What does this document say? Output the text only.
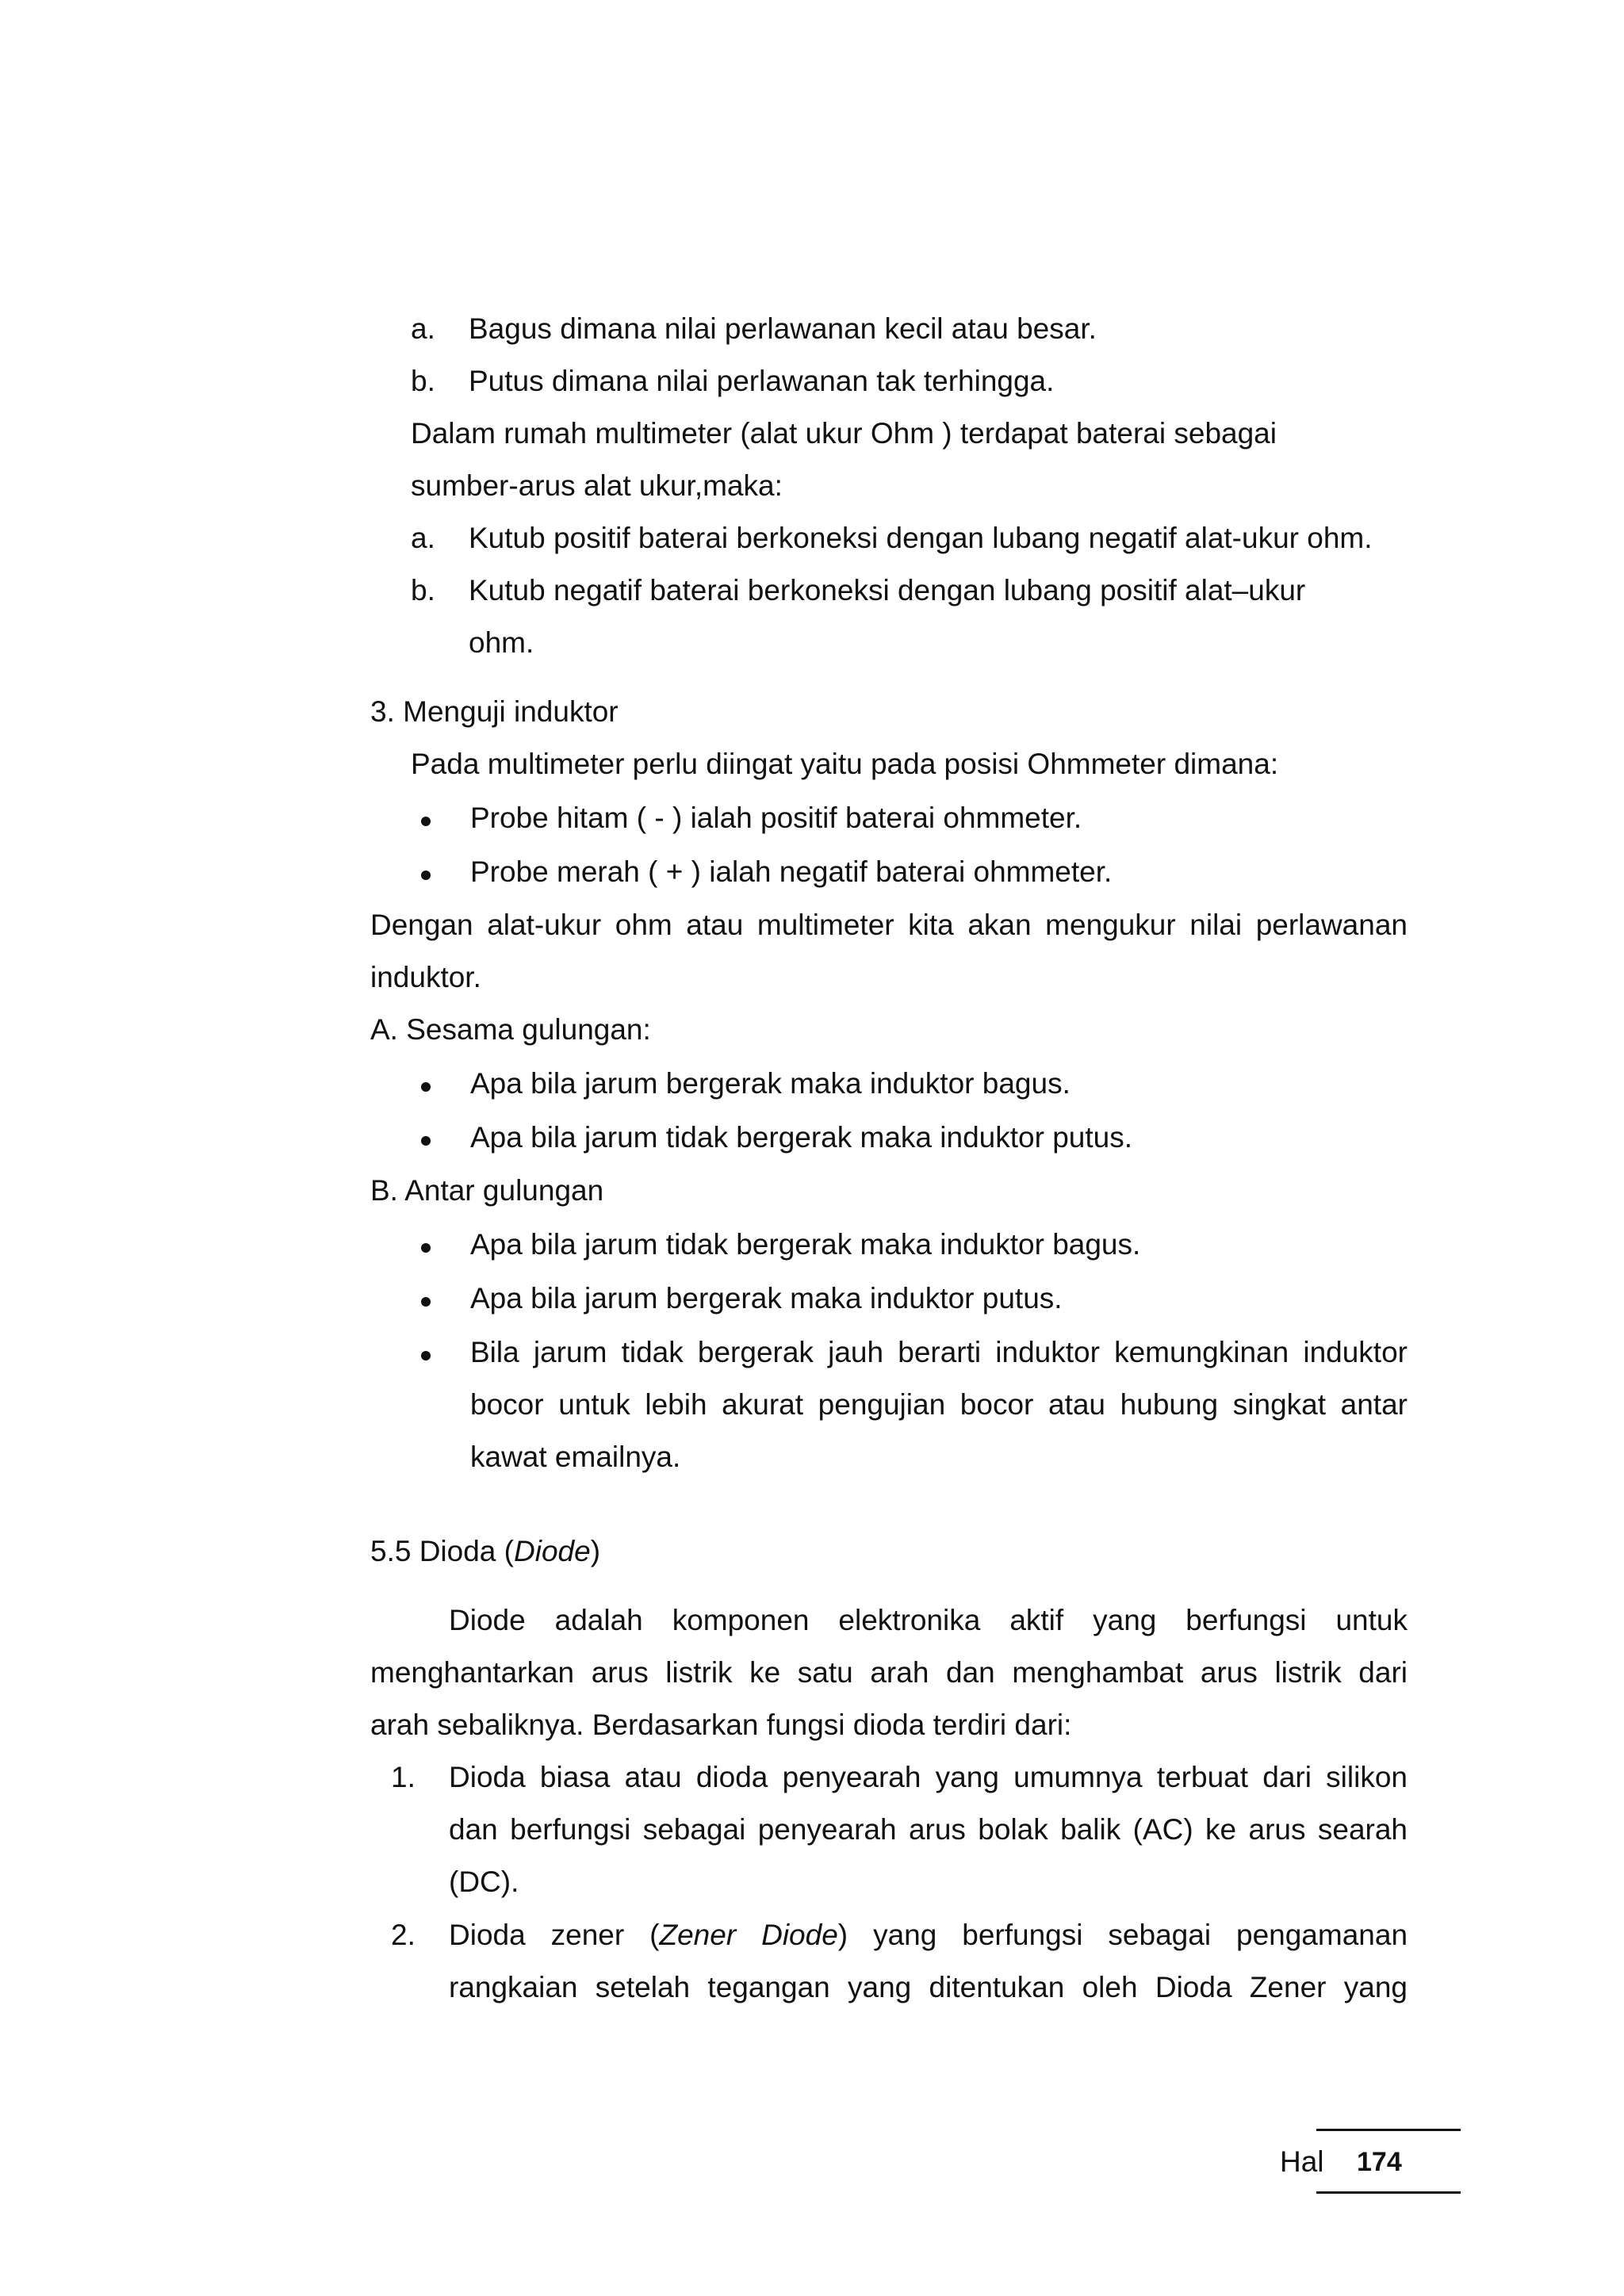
a. Bagus dimana nilai perlawanan kecil atau besar.
b. Putus dimana nilai perlawanan tak terhingga.
Dalam rumah multimeter (alat ukur Ohm ) terdapat baterai sebagai
sumber-arus alat ukur,maka:
a. Kutub positif baterai berkoneksi dengan lubang negatif alat-ukur ohm.
b. Kutub negatif baterai berkoneksi dengan lubang positif alat–ukur
ohm.
3. Menguji induktor
Pada multimeter perlu diingat yaitu pada posisi Ohmmeter dimana:
Probe hitam ( - ) ialah positif baterai ohmmeter.
Probe merah ( + ) ialah negatif baterai ohmmeter.
Dengan alat-ukur ohm atau multimeter kita akan mengukur nilai perlawanan
induktor.
A. Sesama gulungan:
Apa bila jarum bergerak maka induktor bagus.
Apa bila jarum tidak bergerak maka induktor putus.
B. Antar gulungan
Apa bila jarum tidak bergerak maka induktor bagus.
Apa bila jarum bergerak maka induktor putus.
Bila jarum tidak bergerak jauh berarti induktor kemungkinan induktor
bocor untuk lebih akurat pengujian bocor atau hubung singkat antar
kawat emailnya.
5.5 Dioda (Diode)
Diode adalah komponen elektronika aktif yang berfungsi untuk
menghantarkan arus listrik ke satu arah dan menghambat arus listrik dari
arah sebaliknya. Berdasarkan fungsi dioda terdiri dari:
1. Dioda biasa atau dioda penyearah yang umumnya terbuat dari silikon
dan berfungsi sebagai penyearah arus bolak balik (AC) ke arus searah
(DC).
2. Dioda zener (Zener Diode) yang berfungsi sebagai pengamanan
rangkaian setelah tegangan yang ditentukan oleh Dioda Zener yang
Hal 174
